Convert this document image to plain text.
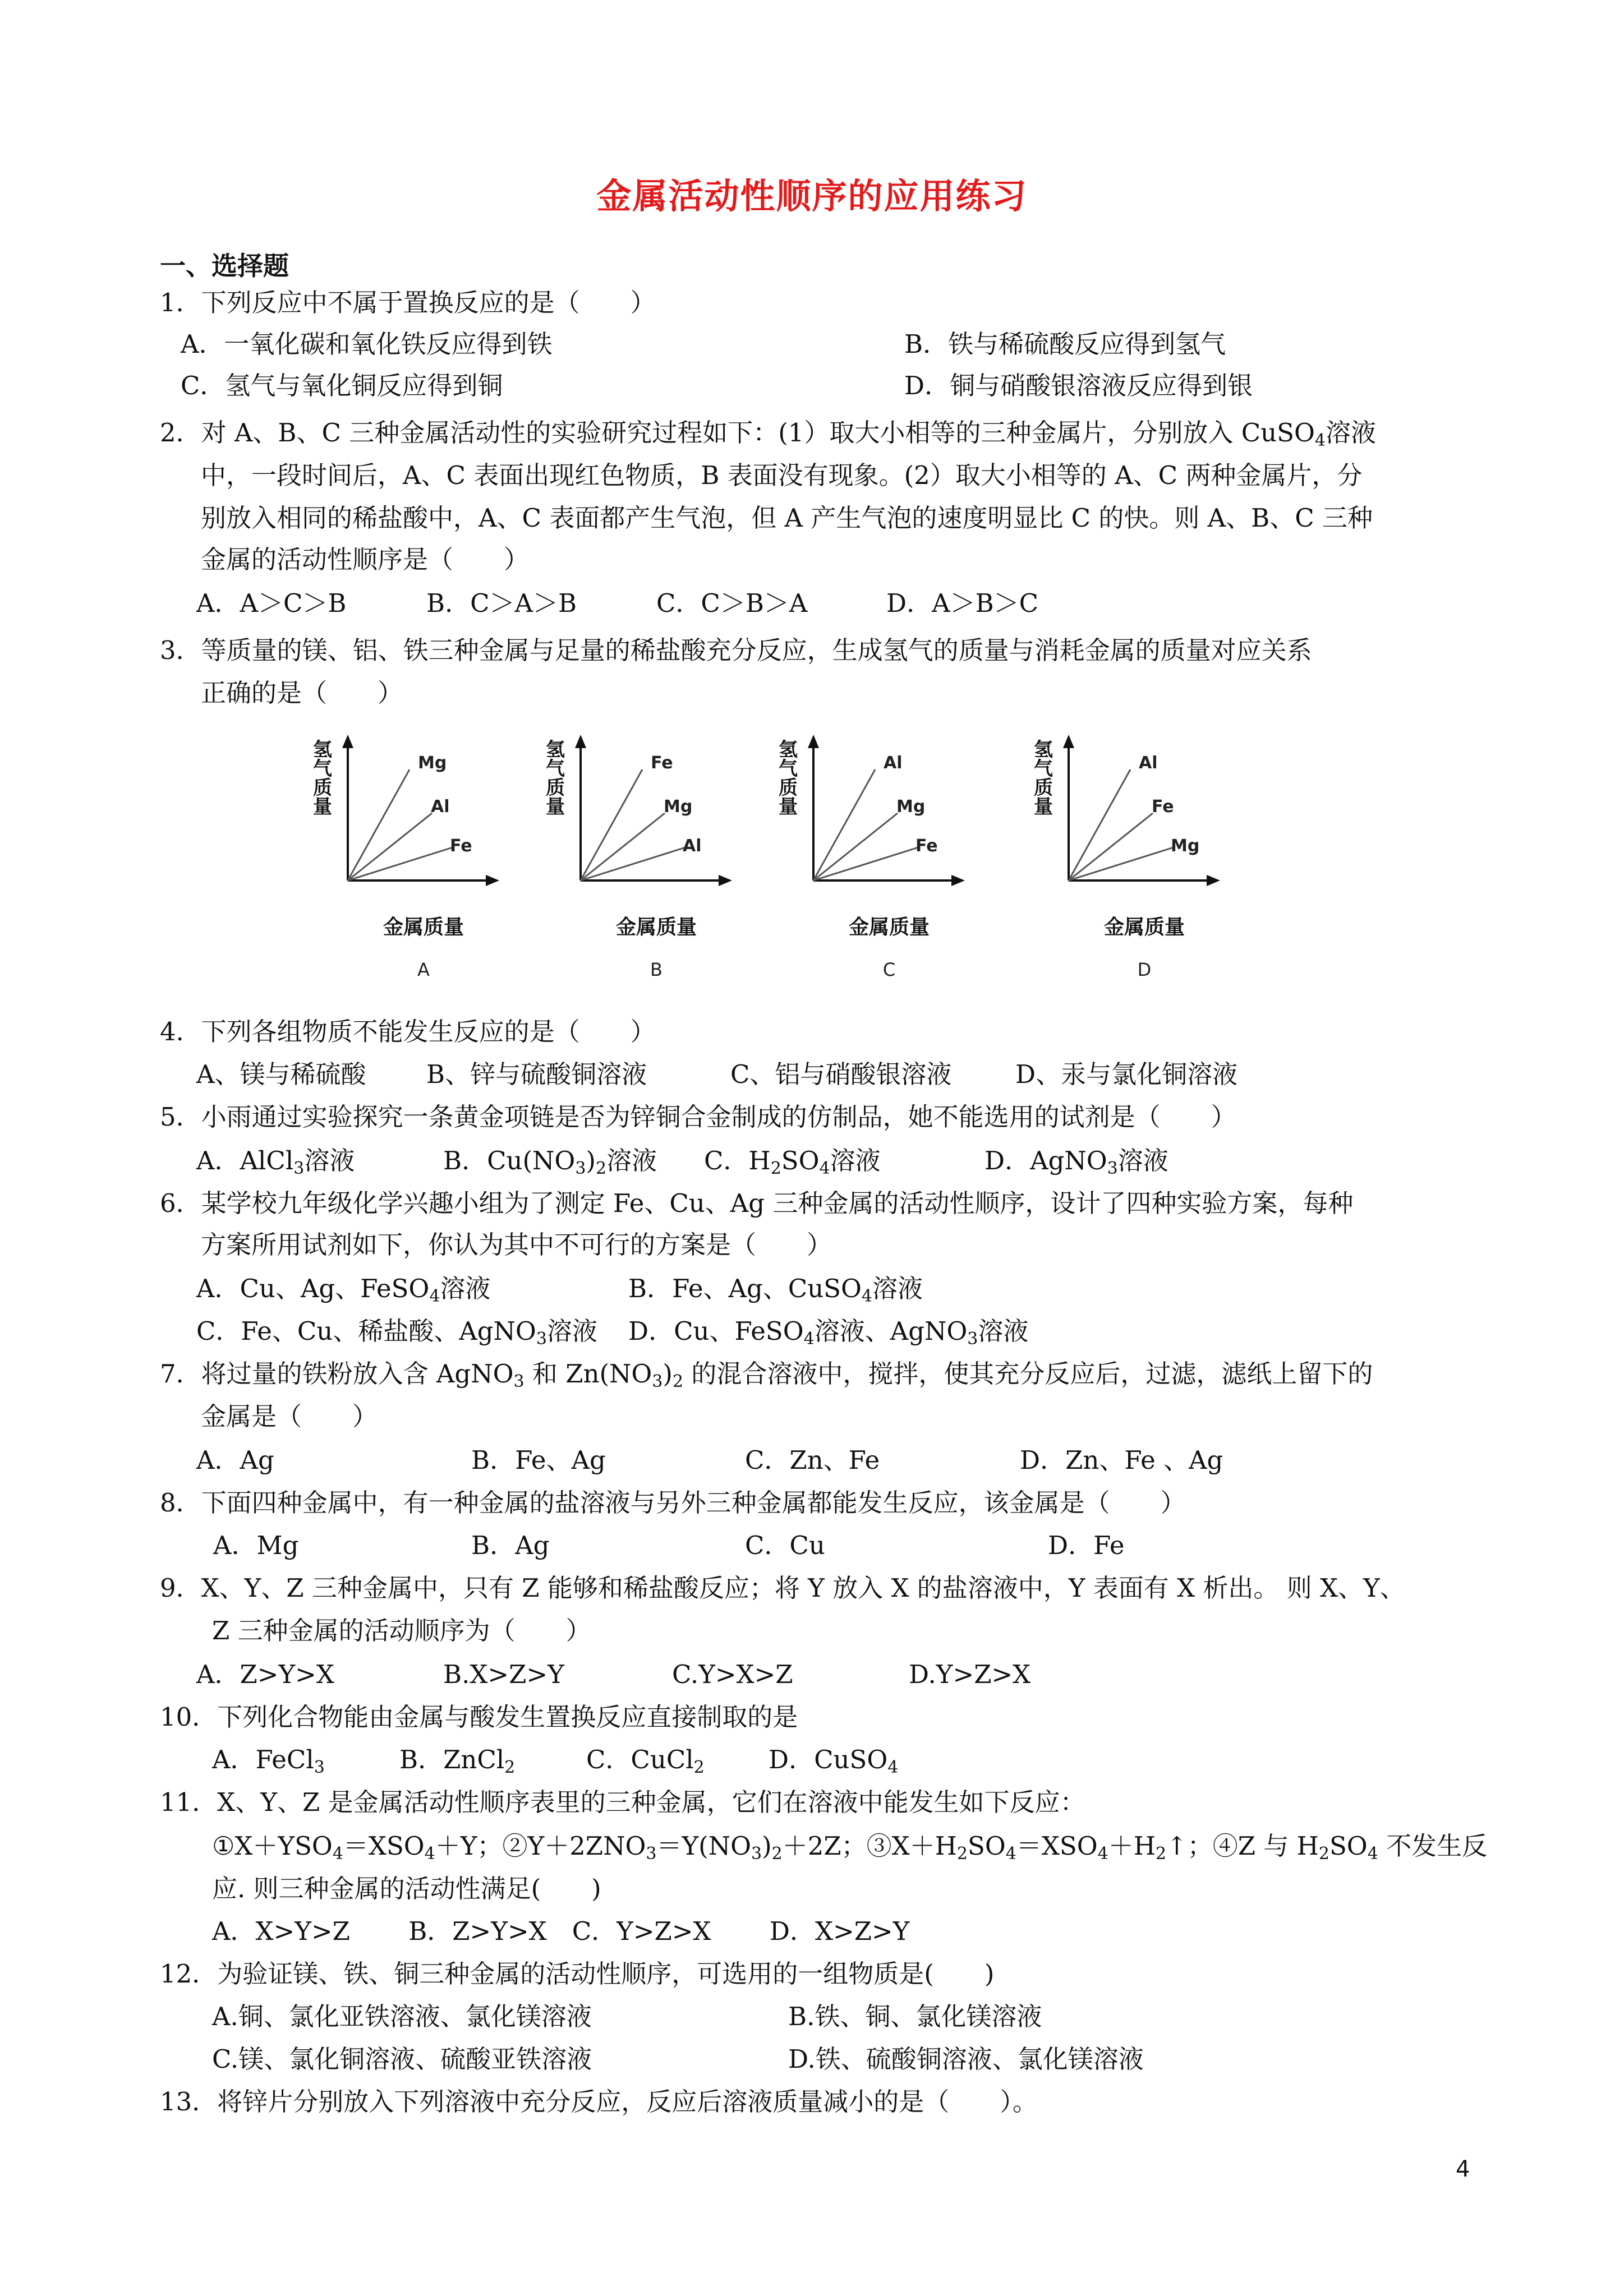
金属活动性顺序的应用练习
一、选择题
1．下列反应中不属于置换反应的是（　　）
A．一氧化碳和氧化铁反应得到铁	B．铁与稀硫酸反应得到氢气
C．氢气与氧化铜反应得到铜	D．铜与硝酸银溶液反应得到银
2．对 A、B、C 三种金属活动性的实验研究过程如下：(1）取大小相等的三种金属片，分别放入 CuSO$_4$溶液
中，一段时间后，A、C 表面出现红色物质，B 表面没有现象。(2）取大小相等的 A、C 两种金属片，分
别放入相同的稀盐酸中，A、C 表面都产生气泡，但 A 产生气泡的速度明显比 C 的快。则 A、B、C 三种
金属的活动性顺序是（　　）
A．A＞C＞B	B．C＞A＞B	C．C＞B＞A	D．A＞B＞C
3．等质量的镁、铝、铁三种金属与足量的稀盐酸充分反应，生成氢气的质量与消耗金属的质量对应关系
正确的是（　　）
Mg
Al
Fe
氢气质量
金属质量
A
Fe
Mg
Al
氢气质量
金属质量
B
Al
Mg
Fe
氢气质量
金属质量
C
Al
Fe
Mg
氢气质量
金属质量
D
4．下列各组物质不能发生反应的是（　　）
A、镁与稀硫酸 B、锌与硫酸铜溶液	C、铝与硝酸银溶液	D、汞与氯化铜溶液
5．小雨通过实验探究一条黄金项链是否为锌铜合金制成的仿制品，她不能选用的试剂是（　　）
A．AlCl$_3$溶液	B．$Cu(NO_3)_2$溶液 C．$H_2SO_4$溶液	D．AgNO$_3$溶液
6．某学校九年级化学兴趣小组为了测定 Fe、Cu、Ag 三种金属的活动性顺序，设计了四种实验方案，每种
方案所用试剂如下，你认为其中不可行的方案是（　　）
A．Cu、Ag、FeSO$_4$溶液	B．Fe、Ag、CuSO$_4$溶液
C．Fe、Cu、稀盐酸、AgNO$_3$溶液 D．Cu、FeSO$_4$溶液、AgNO$_3$溶液
7．将过量的铁粉放入含 AgNO$_3$ 和 $Zn(NO_3)_2$ 的混合溶液中，搅拌，使其充分反应后，过滤，滤纸上留下的
金属是（　　）
A．Ag	B．Fe、Ag	C．Zn、Fe	D．Zn、Fe 、Ag
8．下面四种金属中，有一种金属的盐溶液与另外三种金属都能发生反应，该金属是（　　）
A．Mg	B．Ag	C．Cu	D．Fe
9．X、Y、Z 三种金属中，只有 Z 能够和稀盐酸反应；将 Y 放入 X 的盐溶液中，Y 表面有 X 析出。 则 X、Y、
Z 三种金属的活动顺序为（　　）
A．Z>Y>X	B.X>Z>Y	C.Y>X>Z	D.Y>Z>X
10．下列化合物能由金属与酸发生置换反应直接制取的是
A．FeCl$_3$	B．ZnCl$_2$	C．CuCl$_2$	D．CuSO$_4$
11．X、Y、Z 是金属活动性顺序表里的三种金属，它们在溶液中能发生如下反应：
$①X+YSO_4=XSO_4+Y$；$②Y+2ZNO_3=Y(NO_3)_2+2Z$；$③X+H_2SO_4=XSO_4+H_2↑$；④Z 与 $H_2SO_4$ 不发生反
应. 则三种金属的活动性满足(　　)
A．X>Y>Z　　 B．Z>Y>X　C．Y>Z>X　　 D．X>Z>Y
12．为验证镁、铁、铜三种金属的活动性顺序，可选用的一组物质是(　　)
A.铜、氯化亚铁溶液、氯化镁溶液	B.铁、铜、氯化镁溶液
C.镁、氯化铜溶液、硫酸亚铁溶液	D.铁、硫酸铜溶液、氯化镁溶液
13．将锌片分别放入下列溶液中充分反应，反应后溶液质量减小的是（　　）。
4
